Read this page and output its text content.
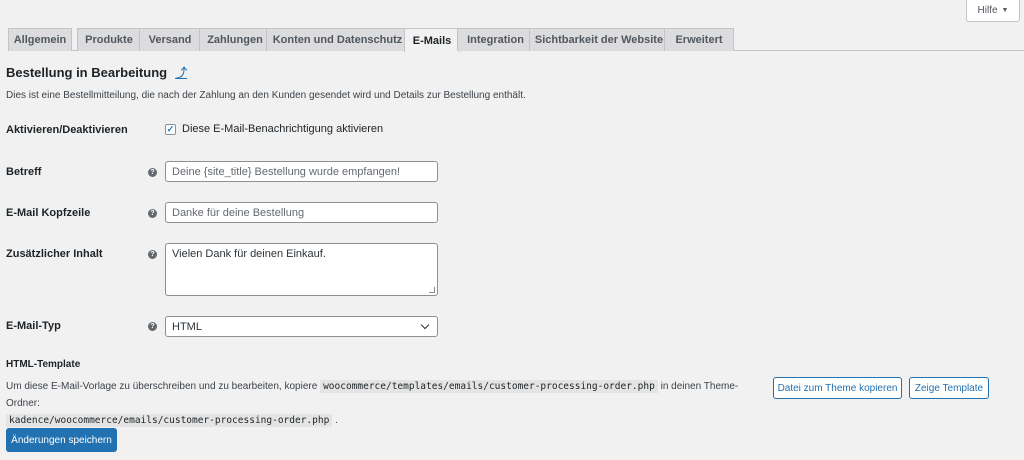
Hilfe ▼
Allgemein	Produkte	Versand	Zahlungen Konten und Datenschutz E-Mails	Integration Sichtbarkeit der Website	Erweitert
Bestellung in Bearbeitung ⤴
Dies ist eine Bestellmitteilung, die nach der Zahlung an den Kunden gesendet wird und Details zur Bestellung enthält.
Aktivieren/Deaktivieren	✓ Diese E-Mail-Benachrichtigung aktivieren
Betreff	?	Deine {site_title} Bestellung wurde empfangen!
E-Mail Kopfzeile	?	Danke für deine Bestellung
Zusätzlicher Inhalt	?	Vielen Dank für deinen Einkauf.
E-Mail-Typ	? HTML
HTML-Template
Um diese E-Mail-Vorlage zu überschreiben und zu bearbeiten, kopiere woocommerce/templates/emails/customer-processing-order.php in deinen Theme-Ordner:
kadence/woocommerce/emails/customer-processing-order.php .
Datei zum Theme kopieren	Zeige Template
Änderungen speichern
